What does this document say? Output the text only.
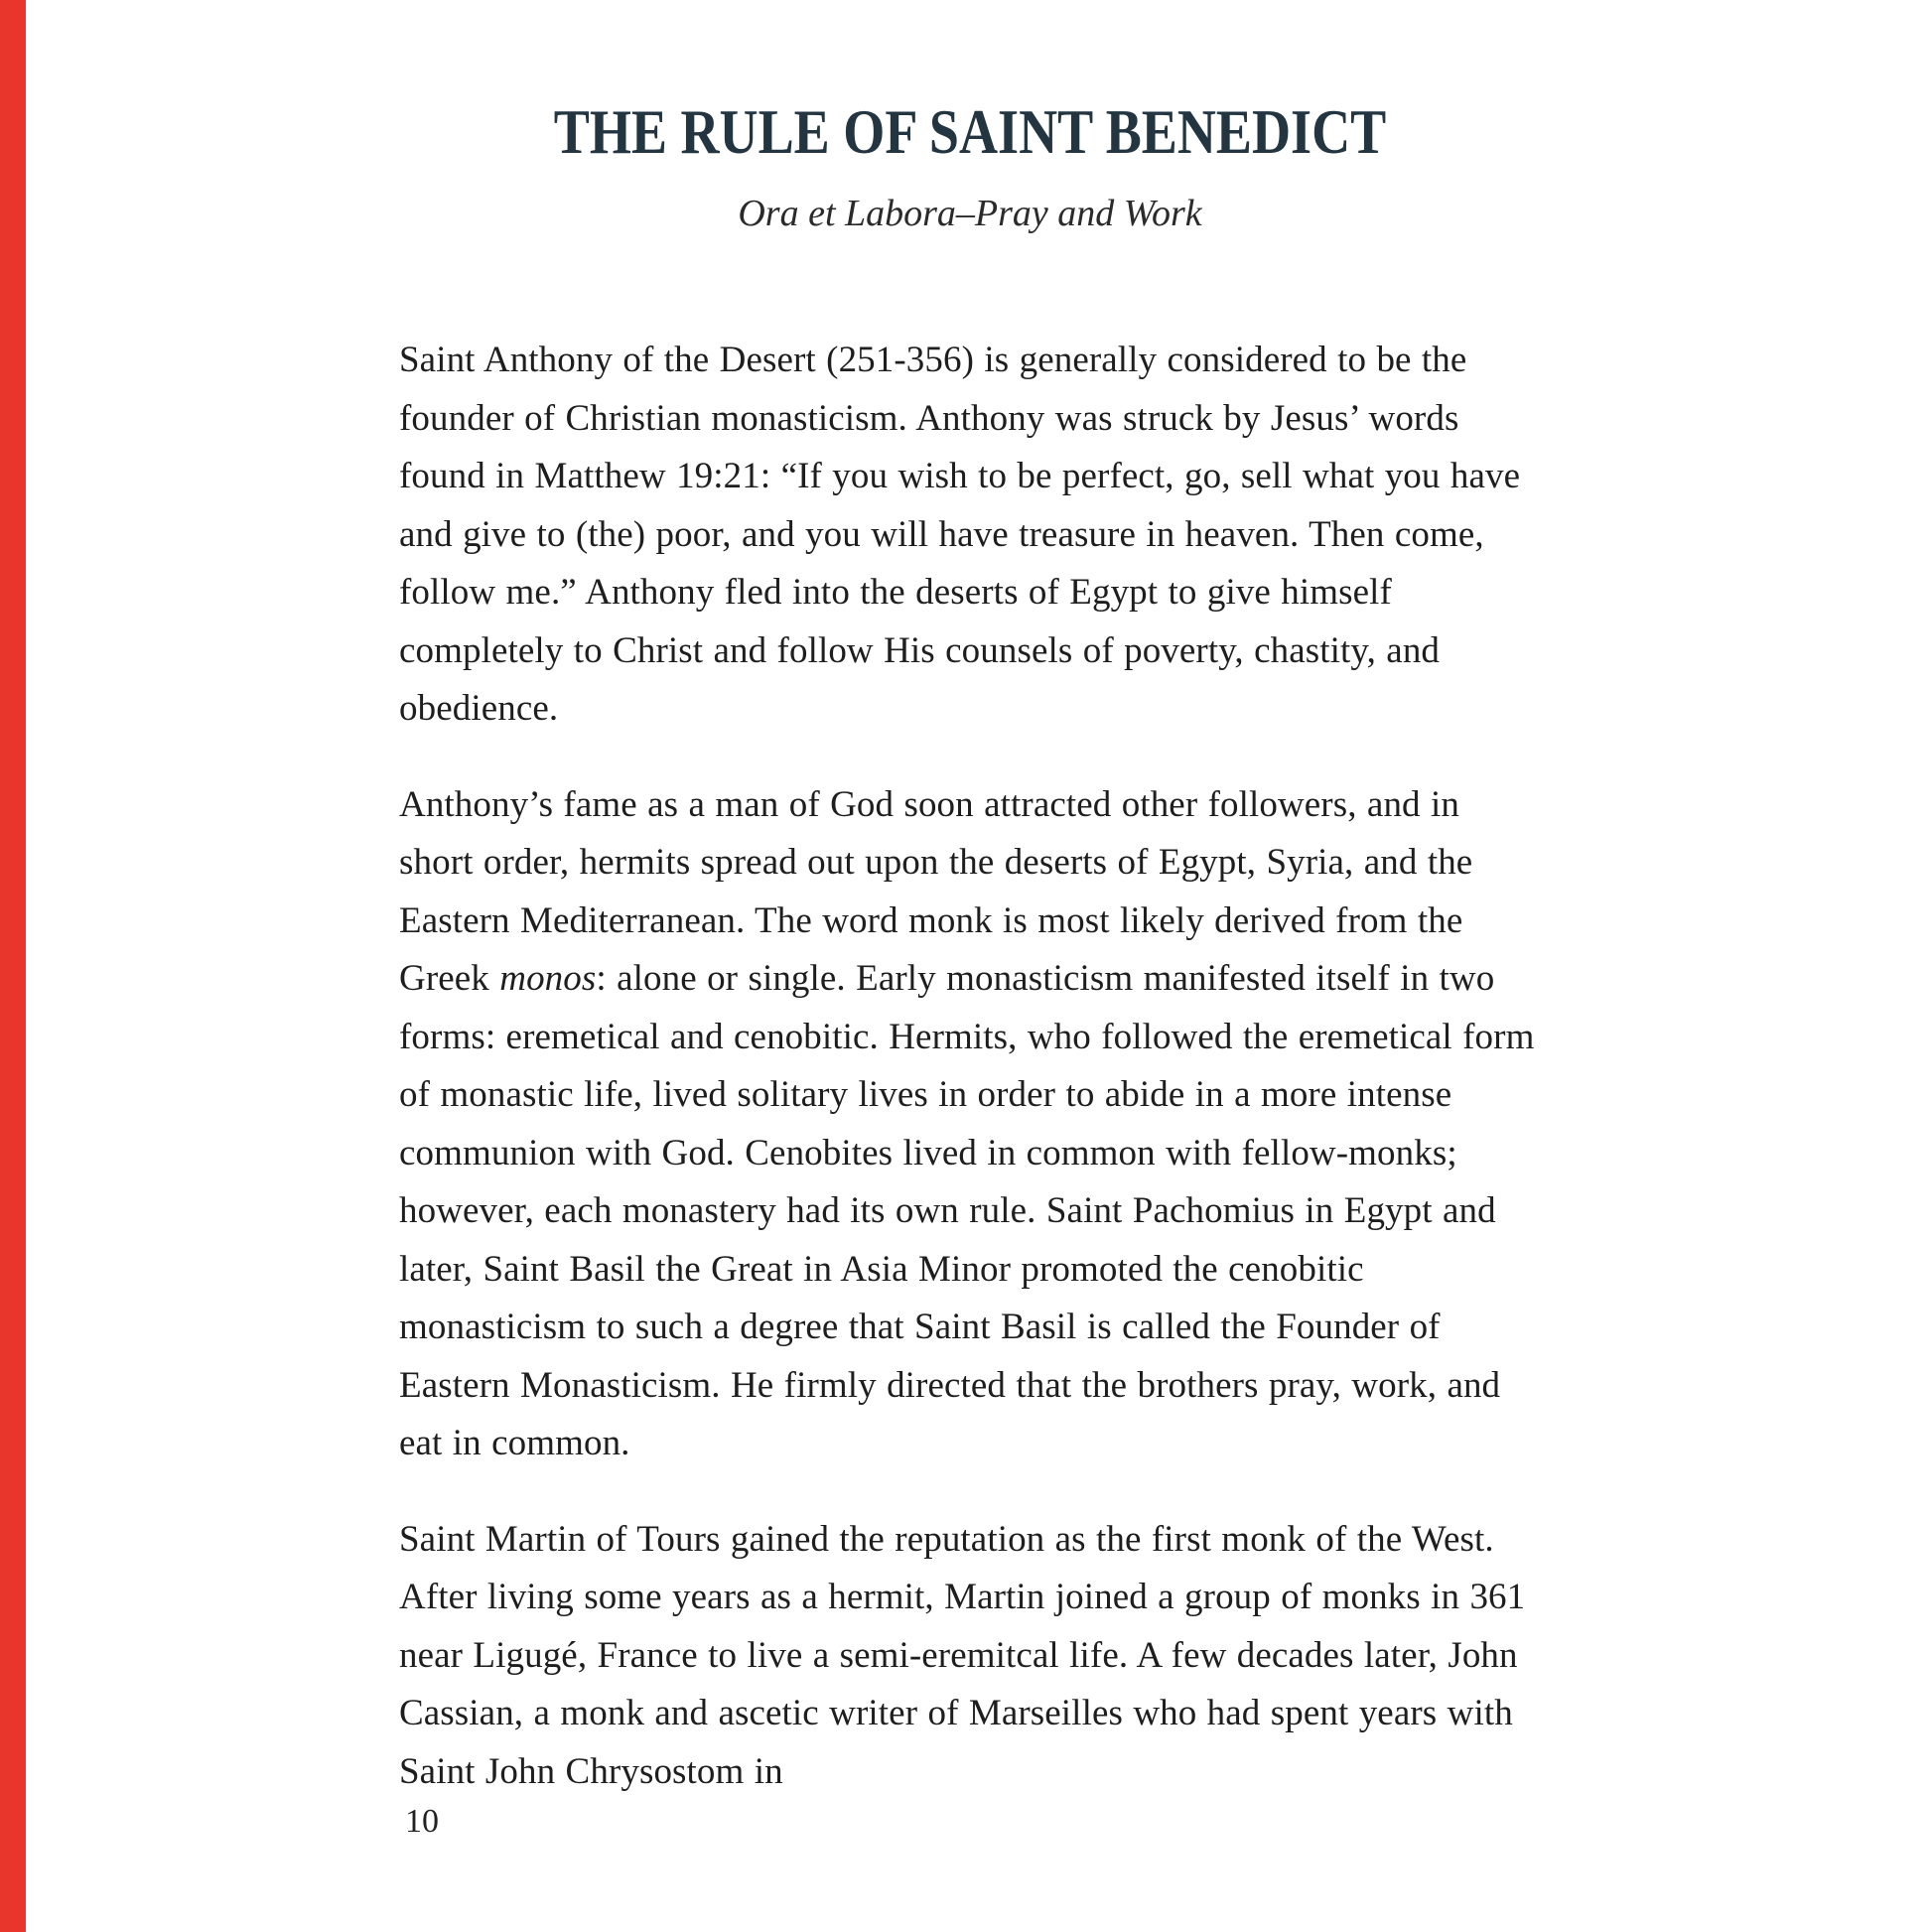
THE RULE OF SAINT BENEDICT
Ora et Labora–Pray and Work

Saint Anthony of the Desert (251-356) is generally considered to be the founder of Christian monasticism. Anthony was struck by Jesus’ words found in Matthew 19:21: “If you wish to be perfect, go, sell what you have and give to (the) poor, and you will have treasure in heaven. Then come, follow me.” Anthony fled into the deserts of Egypt to give himself completely to Christ and follow His counsels of poverty, chastity, and obedience.

Anthony’s fame as a man of God soon attracted other followers, and in short order, hermits spread out upon the deserts of Egypt, Syria, and the Eastern Mediterranean. The word monk is most likely derived from the Greek monos: alone or single. Early monasticism manifested itself in two forms: eremetical and cenobitic. Hermits, who followed the eremetical form of monastic life, lived solitary lives in order to abide in a more intense communion with God. Cenobites lived in common with fellow-monks; however, each monastery had its own rule. Saint Pachomius in Egypt and later, Saint Basil the Great in Asia Minor promoted the cenobitic monasticism to such a degree that Saint Basil is called the Founder of Eastern Monasticism. He firmly directed that the brothers pray, work, and eat in common.

Saint Martin of Tours gained the reputation as the first monk of the West. After living some years as a hermit, Martin joined a group of monks in 361 near Ligugé, France to live a semi-eremitcal life. A few decades later, John Cassian, a monk and ascetic writer of Marseilles who had spent years with Saint John Chrysostom in

10
